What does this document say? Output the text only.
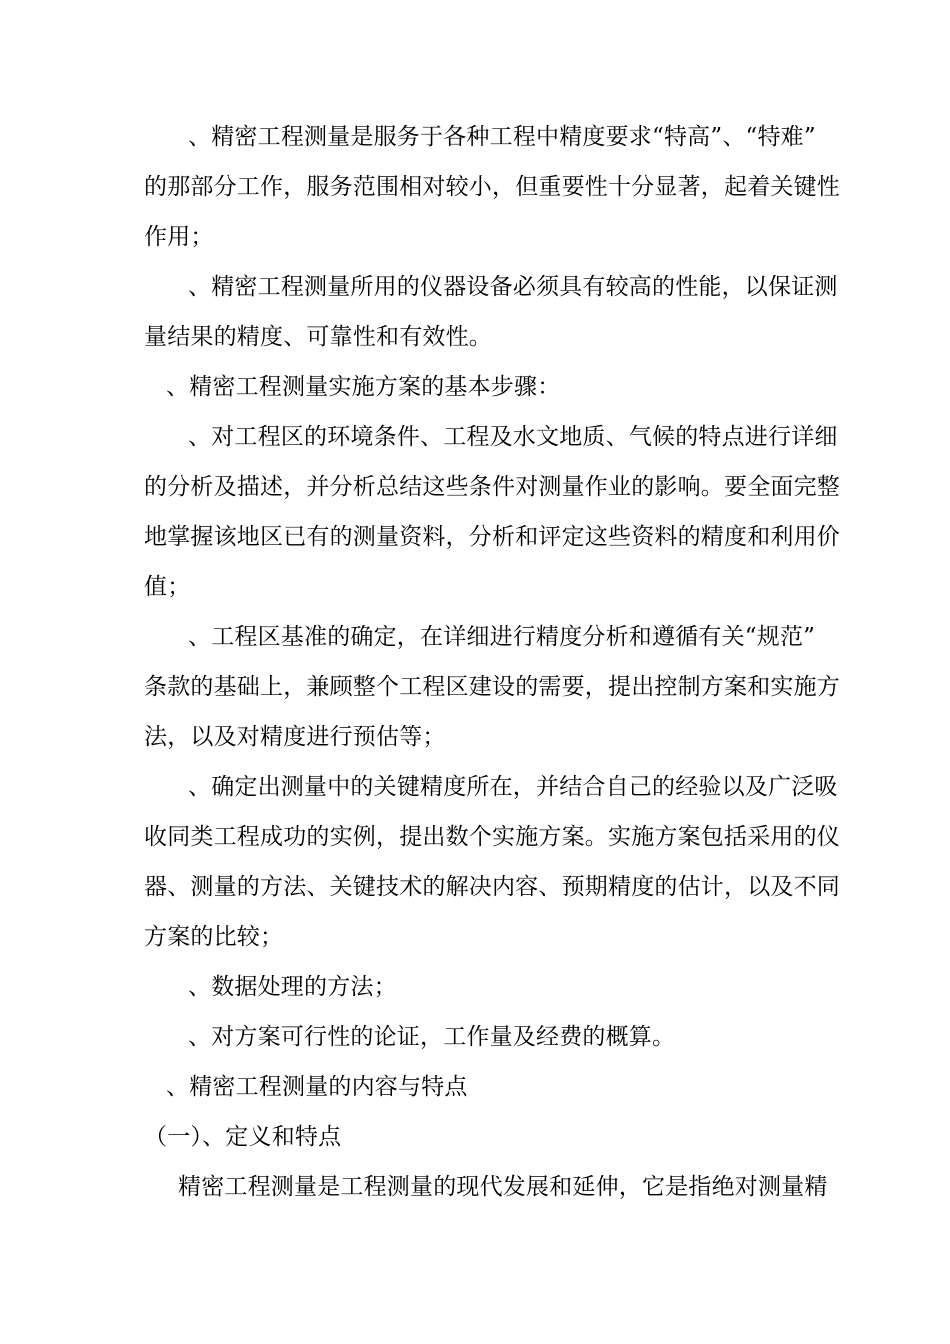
、精密工程测量是服务于各种工程中精度要求“特高”、“特难”
的那部分工作，服务范围相对较小，但重要性十分显著，起着关键性
作用；
、精密工程测量所用的仪器设备必须具有较高的性能，以保证测
量结果的精度、可靠性和有效性。
、精密工程测量实施方案的基本步骤：
、对工程区的环境条件、工程及水文地质、气候的特点进行详细
的分析及描述，并分析总结这些条件对测量作业的影响。要全面完整
地掌握该地区已有的测量资料，分析和评定这些资料的精度和利用价
值；
、工程区基准的确定，在详细进行精度分析和遵循有关“规范”
条款的基础上，兼顾整个工程区建设的需要，提出控制方案和实施方
法，以及对精度进行预估等；
、确定出测量中的关键精度所在，并结合自己的经验以及广泛吸
收同类工程成功的实例，提出数个实施方案。实施方案包括采用的仪
器、测量的方法、关键技术的解决内容、预期精度的估计，以及不同
方案的比较；
、数据处理的方法；
、对方案可行性的论证，工作量及经费的概算。
、精密工程测量的内容与特点
（一）、定义和特点
精密工程测量是工程测量的现代发展和延伸，它是指绝对测量精
